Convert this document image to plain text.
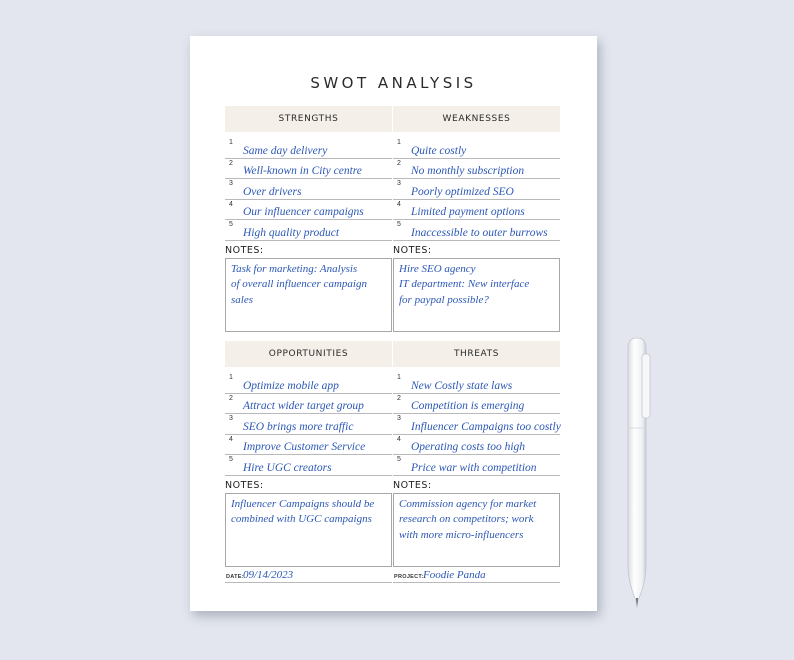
SWOT ANALYSIS
STRENGTHS
1
Same day delivery
2
Well-known in City centre
3
Over drivers
4
Our influencer campaigns
5
High quality product
NOTES:
Task for marketing: Analysis
of overall influencer campaign
sales
WEAKNESSES
1
Quite costly
2
No monthly subscription
3
Poorly optimized SEO
4
Limited payment options
5
Inaccessible to outer burrows
NOTES:
Hire SEO agency
IT department: New interface
for paypal possible?
OPPORTUNITIES
1
Optimize mobile app
2
Attract wider target group
3
SEO brings more traffic
4
Improve Customer Service
5
Hire UGC creators
NOTES:
Influencer Campaigns should be
combined with UGC campaigns
THREATS
1
New Costly state laws
2
Competition is emerging
3
Influencer Campaigns too costly
4
Operating costs too high
5
Price war with competition
NOTES:
Commission agency for market
research on competitors; work
with more micro-influencers
DATE: 09/14/2023	PROJECT: Foodie Panda
